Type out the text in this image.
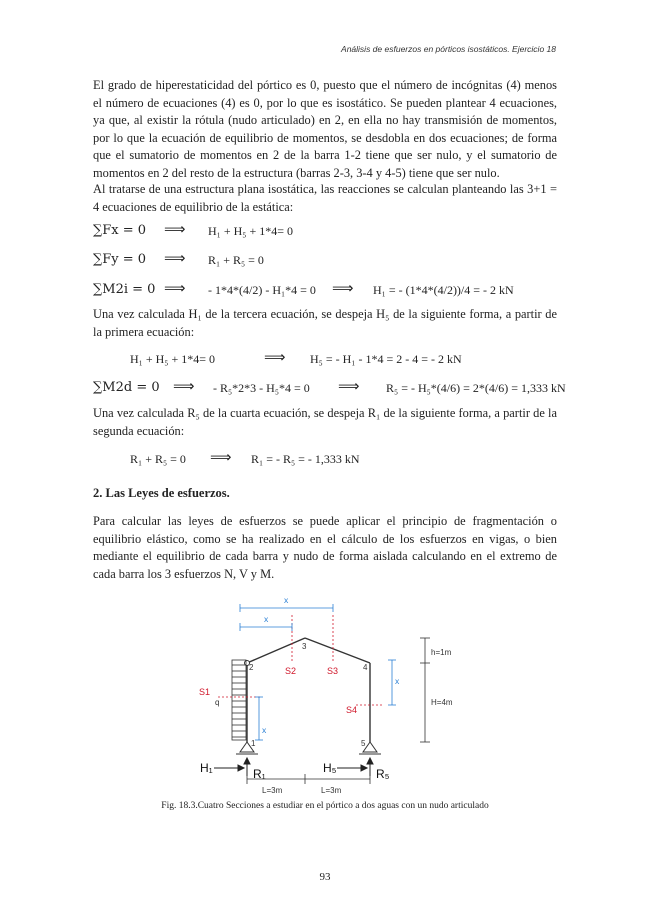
Análisis de esfuerzos en pórticos isostáticos. Ejercicio 18

El grado de hiperestaticidad del pórtico es 0, puesto que el número de incógnitas (4) menos el número de ecuaciones (4) es 0, por lo que es isostático. Se pueden plantear 4 ecuaciones, ya que, al existir la rótula (nudo articulado) en 2, en ella no hay transmisión de momentos, por lo que la ecuación de equilibrio de momentos, se desdobla en dos ecuaciones; de forma que el sumatorio de momentos en 2 de la barra 1-2 tiene que ser nulo, y el sumatorio de momentos en 2 del resto de la estructura (barras 2-3, 3-4 y 4-5) tiene que ser nulo.

Al tratarse de una estructura plana isostática, las reacciones se calculan planteando las 3+1 = 4 ecuaciones de equilibrio de la estática:

∑Fx = 0 ⟹ H₁ + H₅ + 1*4= 0
∑Fy = 0 ⟹ R₁ + R₅ = 0
∑M2i = 0 ⟹ - 1*4*(4/2) - H₁*4 = 0 ⟹ H₁ = - (1*4*(4/2))/4 = - 2 kN

Una vez calculada H₁ de la tercera ecuación, se despeja H₅ de la siguiente forma, a partir de la primera ecuación:

H₁ + H₅ + 1*4= 0	⟹ H₅ = - H₁ - 1*4 = 2 - 4 = - 2 kN
∑M2d = 0 ⟹ - R₅*2*3 - H₅*4 = 0 ⟹ R₅ = - H₅*(4/6) = 2*(4/6) = 1,333 kN

Una vez calculada R₅ de la cuarta ecuación, se despeja R₁ de la siguiente forma, a partir de la segunda ecuación:

R₁ + R₅ = 0 ⟹ R₁ = - R₅ = - 1,333 kN
2. Las Leyes de esfuerzos.

Para calcular las leyes de esfuerzos se puede aplicar el principio de fragmentación o equilibrio elástico, como se ha realizado en el cálculo de los esfuerzos en vigas, o bien mediante el equilibrio de cada barra y nudo de forma aislada calculando en el extremo de cada barra los 3 esfuerzos N, V y M.

x
x
x
x
1
2
3
4
5
q
h=1m
H=4m
L=3m	L=3m
S1
S2	S3
S4
H₁	R₁	H₅	R₅
Fig. 18.3.Cuatro Secciones a estudiar en el pórtico a dos aguas con un nudo articulado
93
